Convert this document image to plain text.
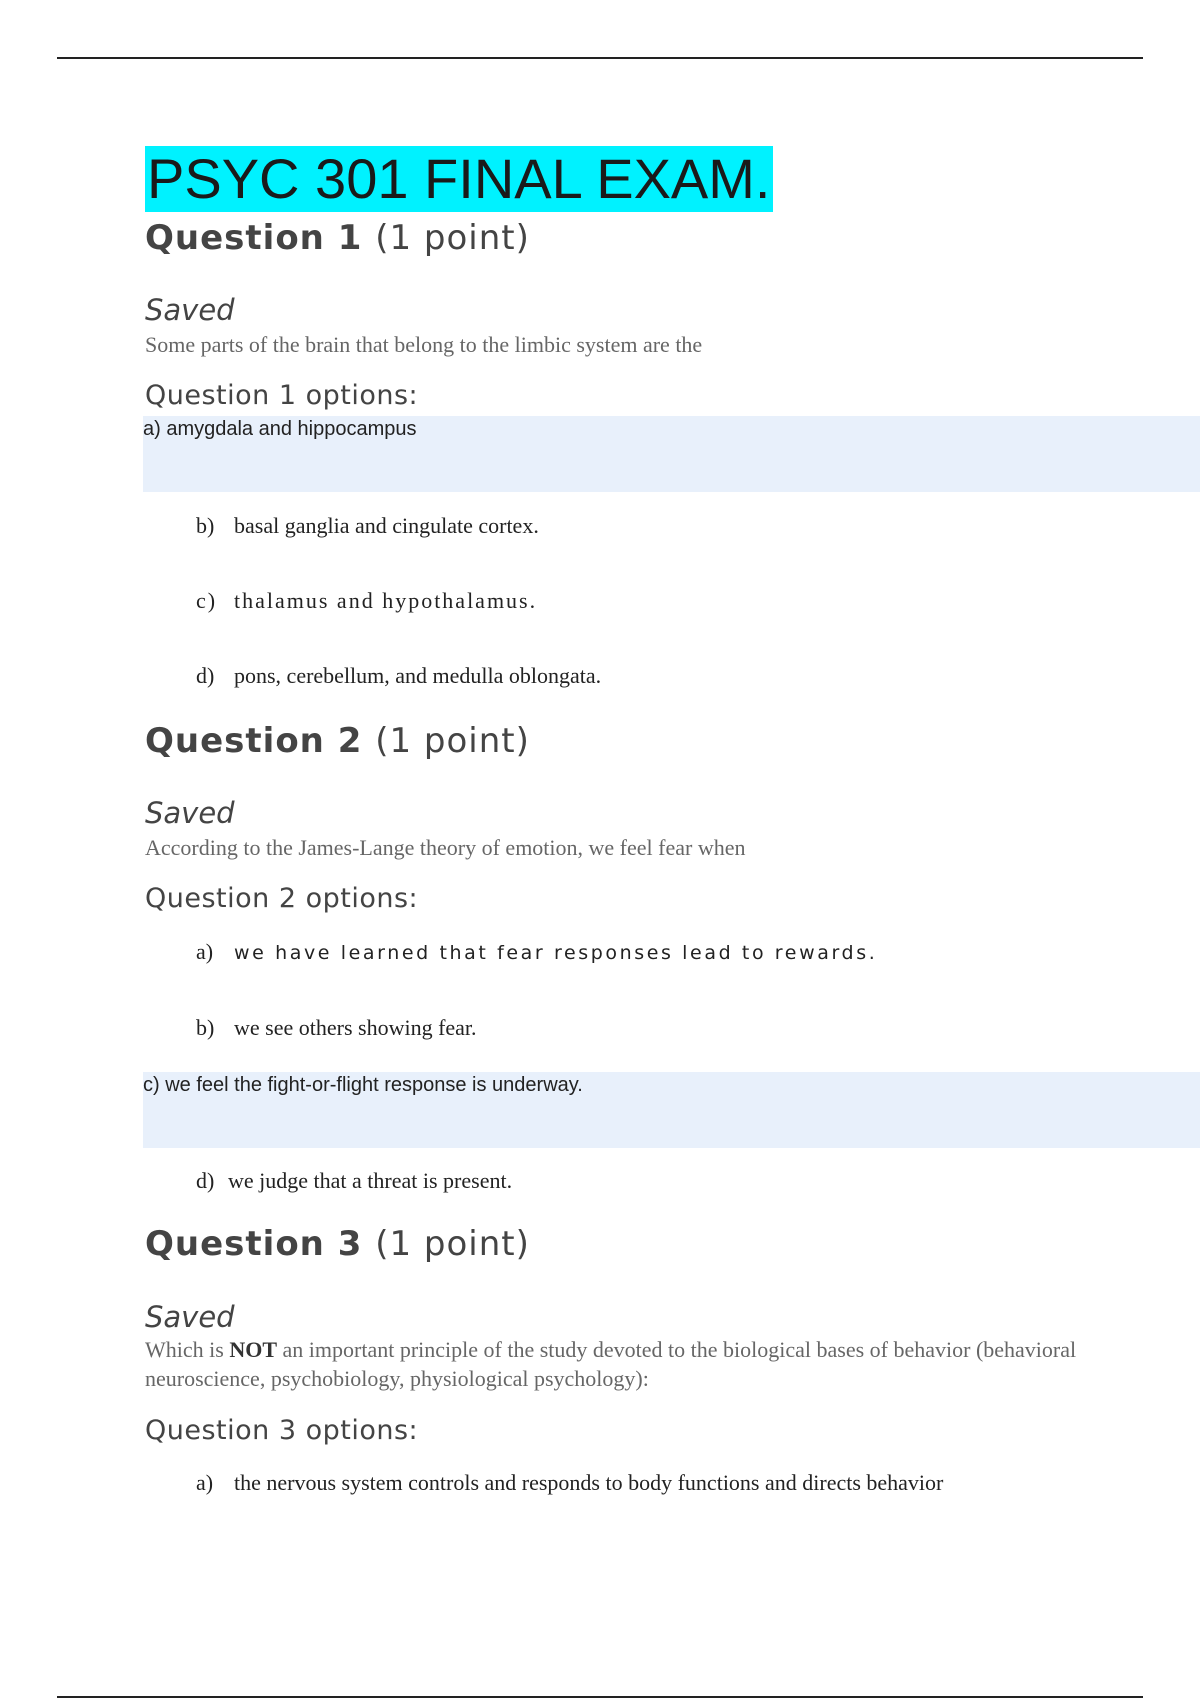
PSYC 301 FINAL EXAM.
Question 1 (1 point)
Saved
Some parts of the brain that belong to the limbic system are the
Question 1 options:
a) amygdala and hippocampus
b) basal ganglia and cingulate cortex.
c) thalamus and hypothalamus.
d) pons, cerebellum, and medulla oblongata.
Question 2 (1 point)
Saved
According to the James-Lange theory of emotion, we feel fear when
Question 2 options:
a) we have learned that fear responses lead to rewards.
b) we see others showing fear.
c) we feel the fight-or-flight response is underway.
d) we judge that a threat is present.
Question 3 (1 point)
Saved
Which is NOT an important principle of the study devoted to the biological bases of behavior (behavioral neuroscience, psychobiology, physiological psychology):
Question 3 options:
a) the nervous system controls and responds to body functions and directs behavior
